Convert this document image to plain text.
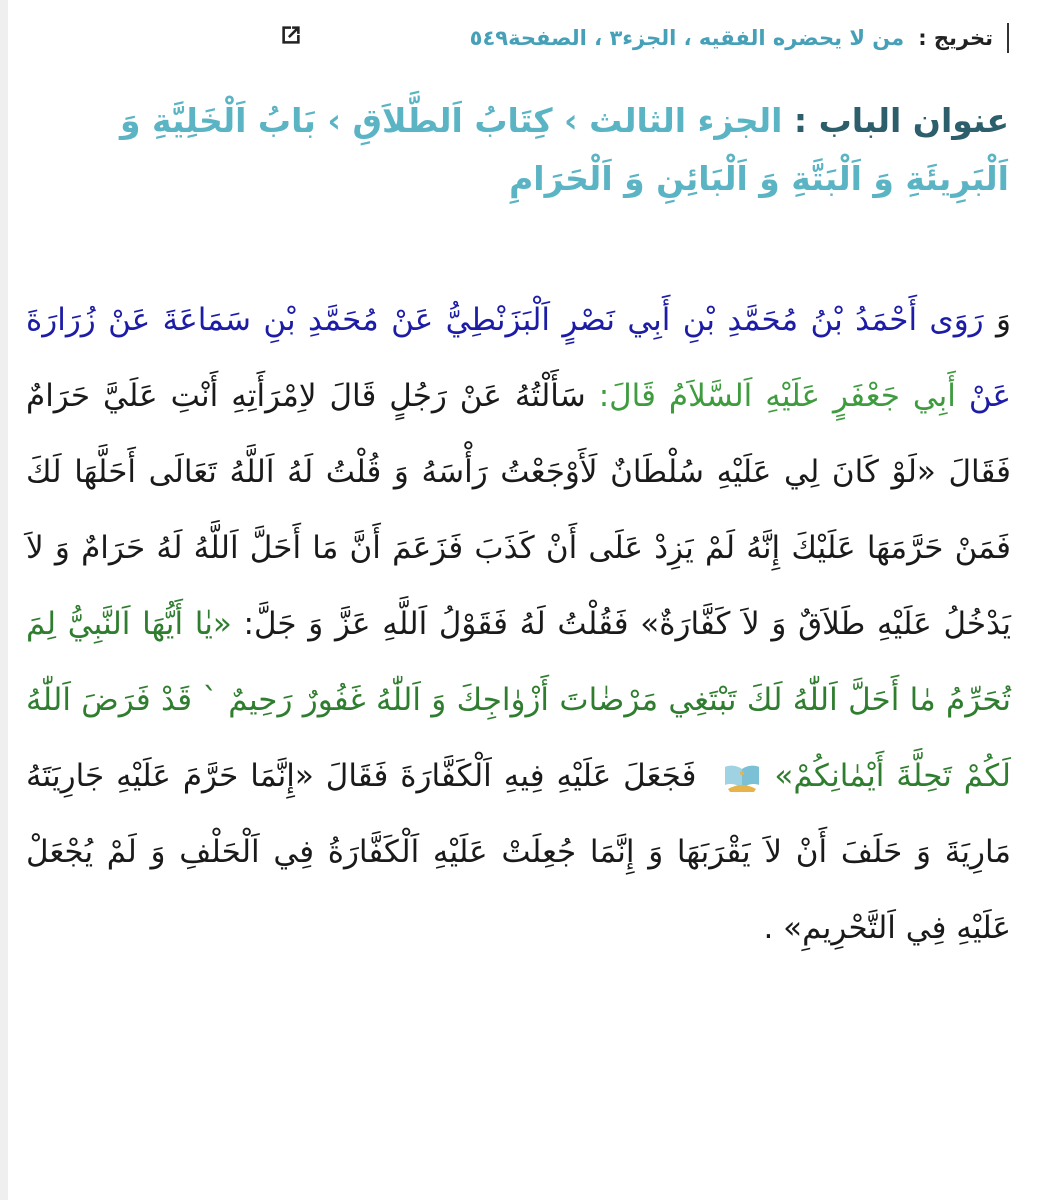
تخريج :
من لا يحضره الفقيه ، الجزء٣ ، الصفحة٥٤٩
عنوان الباب : الجزء الثالث › كِتَابُ اَلطَّلاَقِ › بَابُ اَلْخَلِيَّةِ وَ اَلْبَرِيئَةِ وَ اَلْبَتَّةِ وَ اَلْبَائِنِ وَ اَلْحَرَامِ
وَ رَوَى أَحْمَدُ بْنُ مُحَمَّدِ بْنِ أَبِي نَصْرٍ اَلْبَزَنْطِيُّ عَنْ مُحَمَّدِ بْنِ سَمَاعَةَ عَنْ زُرَارَةَ عَنْ أَبِي جَعْفَرٍ عَلَيْهِ اَلسَّلاَمُ قَالَ: سَأَلْتُهُ عَنْ رَجُلٍ قَالَ لاِمْرَأَتِهِ أَنْتِ عَلَيَّ حَرَامٌ فَقَالَ «لَوْ كَانَ لِي عَلَيْهِ سُلْطَانٌ لَأَوْجَعْتُ رَأْسَهُ وَ قُلْتُ لَهُ اَللَّهُ تَعَالَى أَحَلَّهَا لَكَ فَمَنْ حَرَّمَهَا عَلَيْكَ إِنَّهُ لَمْ يَزِدْ عَلَى أَنْ كَذَبَ فَزَعَمَ أَنَّ مَا أَحَلَّ اَللَّهُ لَهُ حَرَامٌ وَ لاَ يَدْخُلُ عَلَيْهِ طَلاَقٌ وَ لاَ كَفَّارَةٌ» فَقُلْتُ لَهُ فَقَوْلُ اَللَّهِ عَزَّ وَ جَلَّ: «يٰا أَيُّهَا اَلنَّبِيُّ لِمَ تُحَرِّمُ مٰا أَحَلَّ اَللّٰهُ لَكَ تَبْتَغِي مَرْضٰاتَ أَزْوٰاجِكَ وَ اَللّٰهُ غَفُورٌ رَحِيمٌ ` قَدْ فَرَضَ اَللّٰهُ لَكُمْ تَحِلَّةَ أَيْمٰانِكُمْ»  فَجَعَلَ عَلَيْهِ فِيهِ اَلْكَفَّارَةَ فَقَالَ «إِنَّمَا حَرَّمَ عَلَيْهِ جَارِيَتَهُ مَارِيَةَ وَ حَلَفَ أَنْ لاَ يَقْرَبَهَا وَ إِنَّمَا جُعِلَتْ عَلَيْهِ اَلْكَفَّارَةُ فِي اَلْحَلْفِ وَ لَمْ يُجْعَلْ عَلَيْهِ فِي اَلتَّحْرِيمِ» .
